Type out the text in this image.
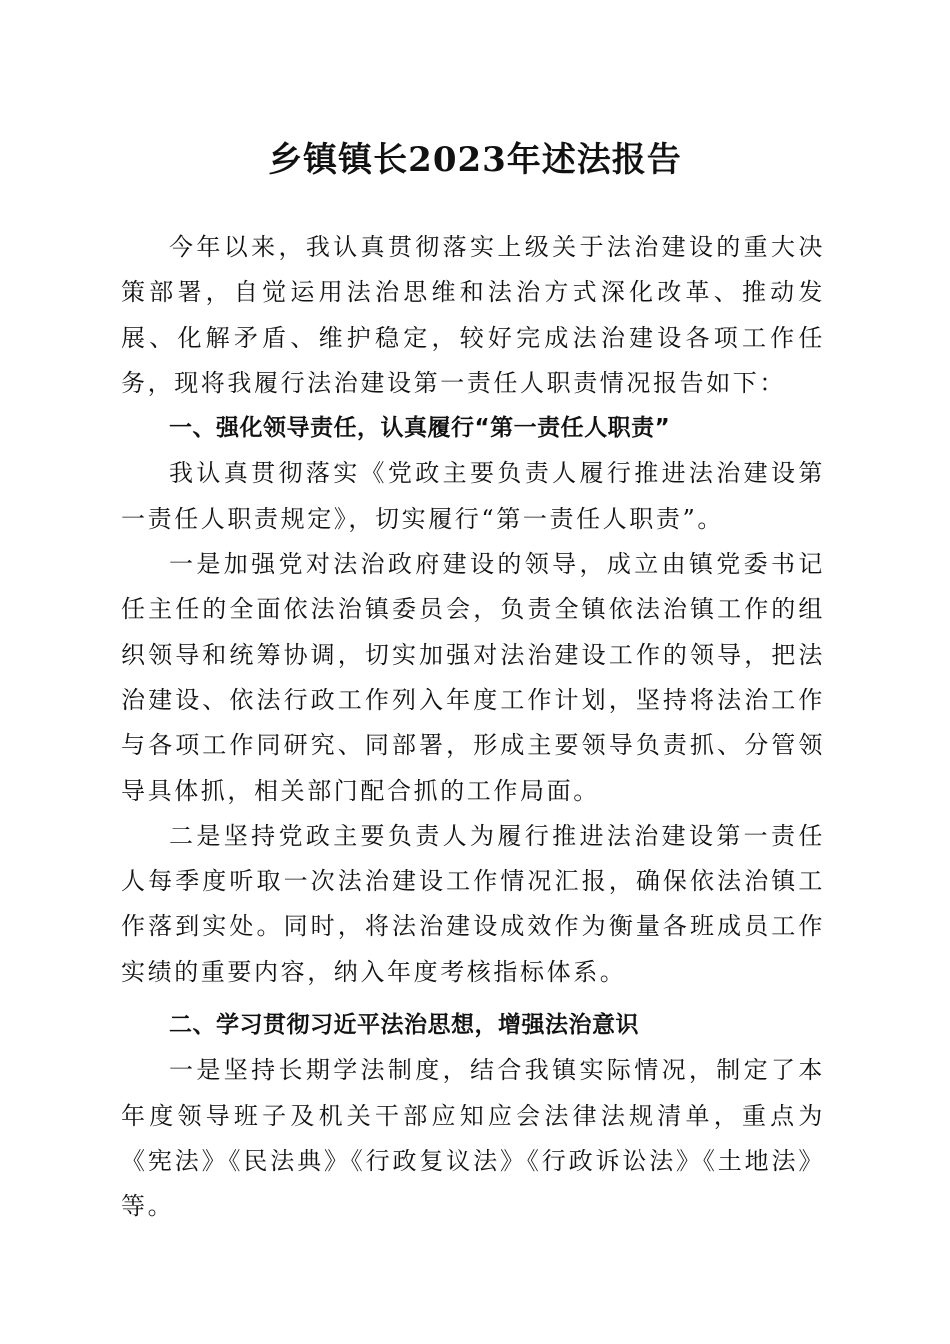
乡镇镇长2023年述法报告

今年以来，我认真贯彻落实上级关于法治建设的重大决策部署，自觉运用法治思维和法治方式深化改革、推动发展、化解矛盾、维护稳定，较好完成法治建设各项工作任务，现将我履行法治建设第一责任人职责情况报告如下：

一、强化领导责任，认真履行“第一责任人职责”

我认真贯彻落实《党政主要负责人履行推进法治建设第一责任人职责规定》，切实履行“第一责任人职责”。

一是加强党对法治政府建设的领导，成立由镇党委书记任主任的全面依法治镇委员会，负责全镇依法治镇工作的组织领导和统筹协调，切实加强对法治建设工作的领导，把法治建设、依法行政工作列入年度工作计划，坚持将法治工作与各项工作同研究、同部署，形成主要领导负责抓、分管领导具体抓，相关部门配合抓的工作局面。

二是坚持党政主要负责人为履行推进法治建设第一责任人每季度听取一次法治建设工作情况汇报，确保依法治镇工作落到实处。同时，将法治建设成效作为衡量各班成员工作实绩的重要内容，纳入年度考核指标体系。

二、学习贯彻习近平法治思想，增强法治意识

一是坚持长期学法制度，结合我镇实际情况，制定了本年度领导班子及机关干部应知应会法律法规清单，重点为《宪法》《民法典》《行政复议法》《行政诉讼法》《土地法》等。
